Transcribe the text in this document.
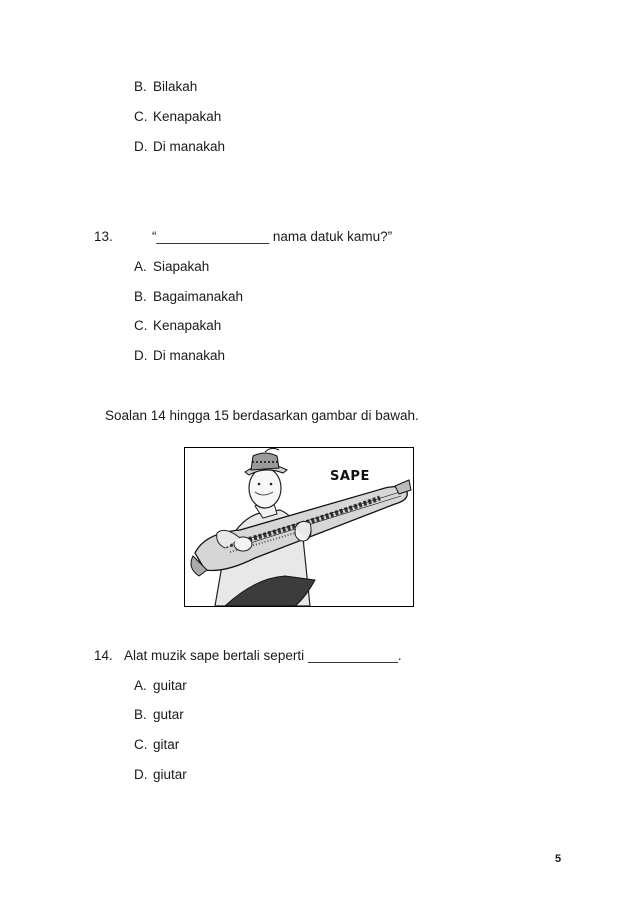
B. Bilakah
C. Kenapakah
D. Di manakah
13.	“_______________ nama datuk kamu?”
A. Siapakah
B. Bagaimanakah
C. Kenapakah
D. Di manakah
Soalan 14 hingga 15 berdasarkan gambar di bawah.
SAPE
14. Alat muzik sape bertali seperti ____________.
A. guitar
B. gutar
C. gitar
D. giutar
5
